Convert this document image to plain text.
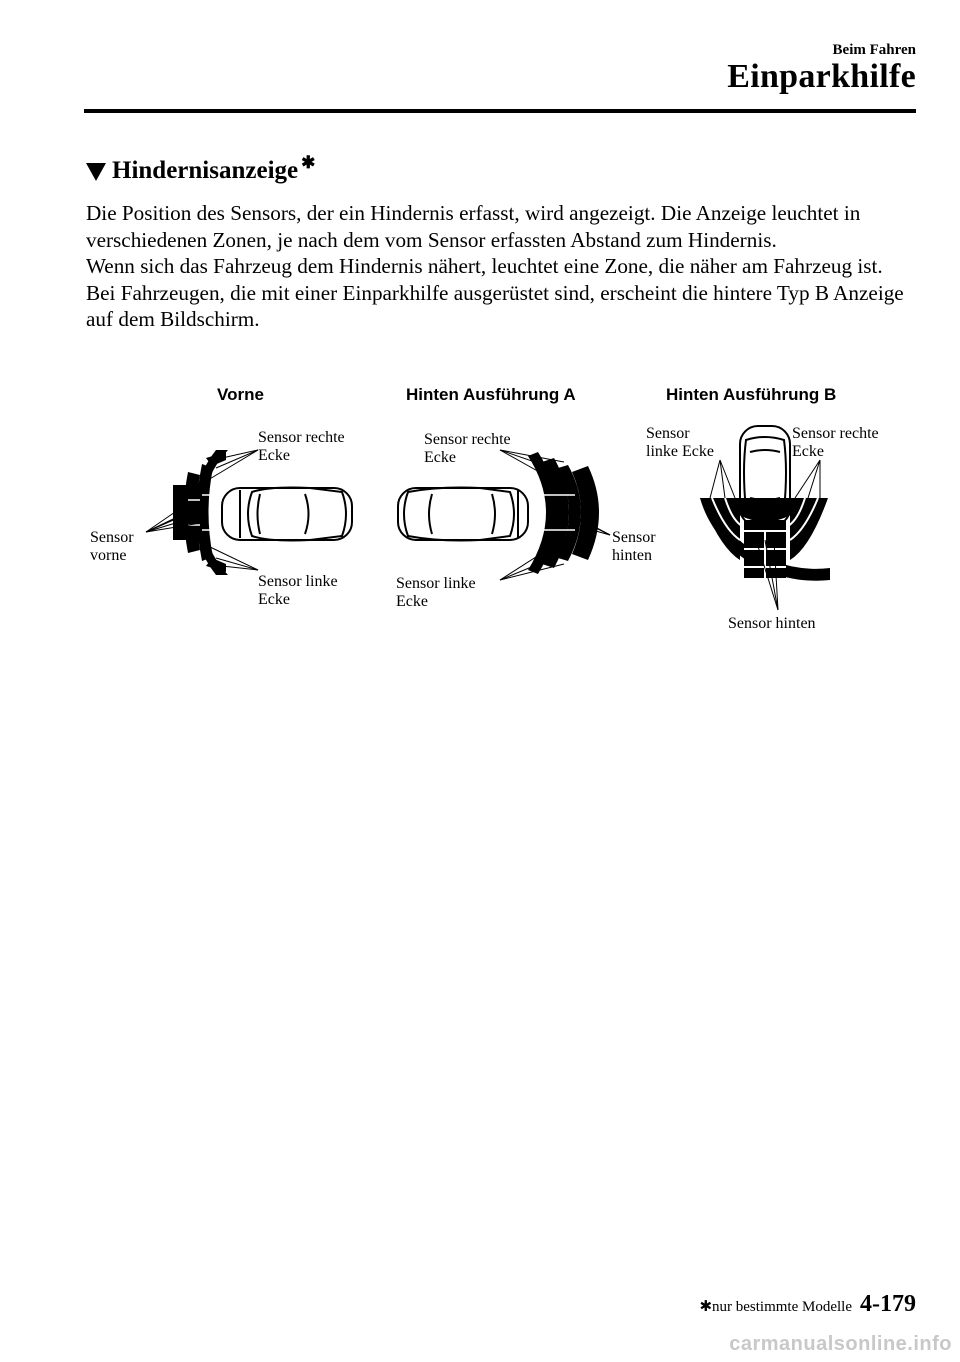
Beim Fahren
Einparkhilfe
Hindernisanzeige ✱

Die Position des Sensors, der ein Hindernis erfasst, wird angezeigt. Die Anzeige leuchtet in verschiedenen Zonen, je nach dem vom Sensor erfassten Abstand zum Hindernis.

Wenn sich das Fahrzeug dem Hindernis nähert, leuchtet eine Zone, die näher am Fahrzeug ist.

Bei Fahrzeugen, die mit einer Einparkhilfe ausgerüstet sind, erscheint die hintere Typ B Anzeige auf dem Bildschirm.

Vorne	Hinten Ausführung A	Hinten Ausführung B
Sensor rechte
Ecke
Sensor
vorne
Sensor linke
Ecke
Sensor rechte
Ecke
Sensor
hinten
Sensor linke
Ecke
Sensor
linke Ecke
Sensor rechte
Ecke
Sensor hinten
✱nur bestimmte Modelle 4-179
carmanualsonline.info
